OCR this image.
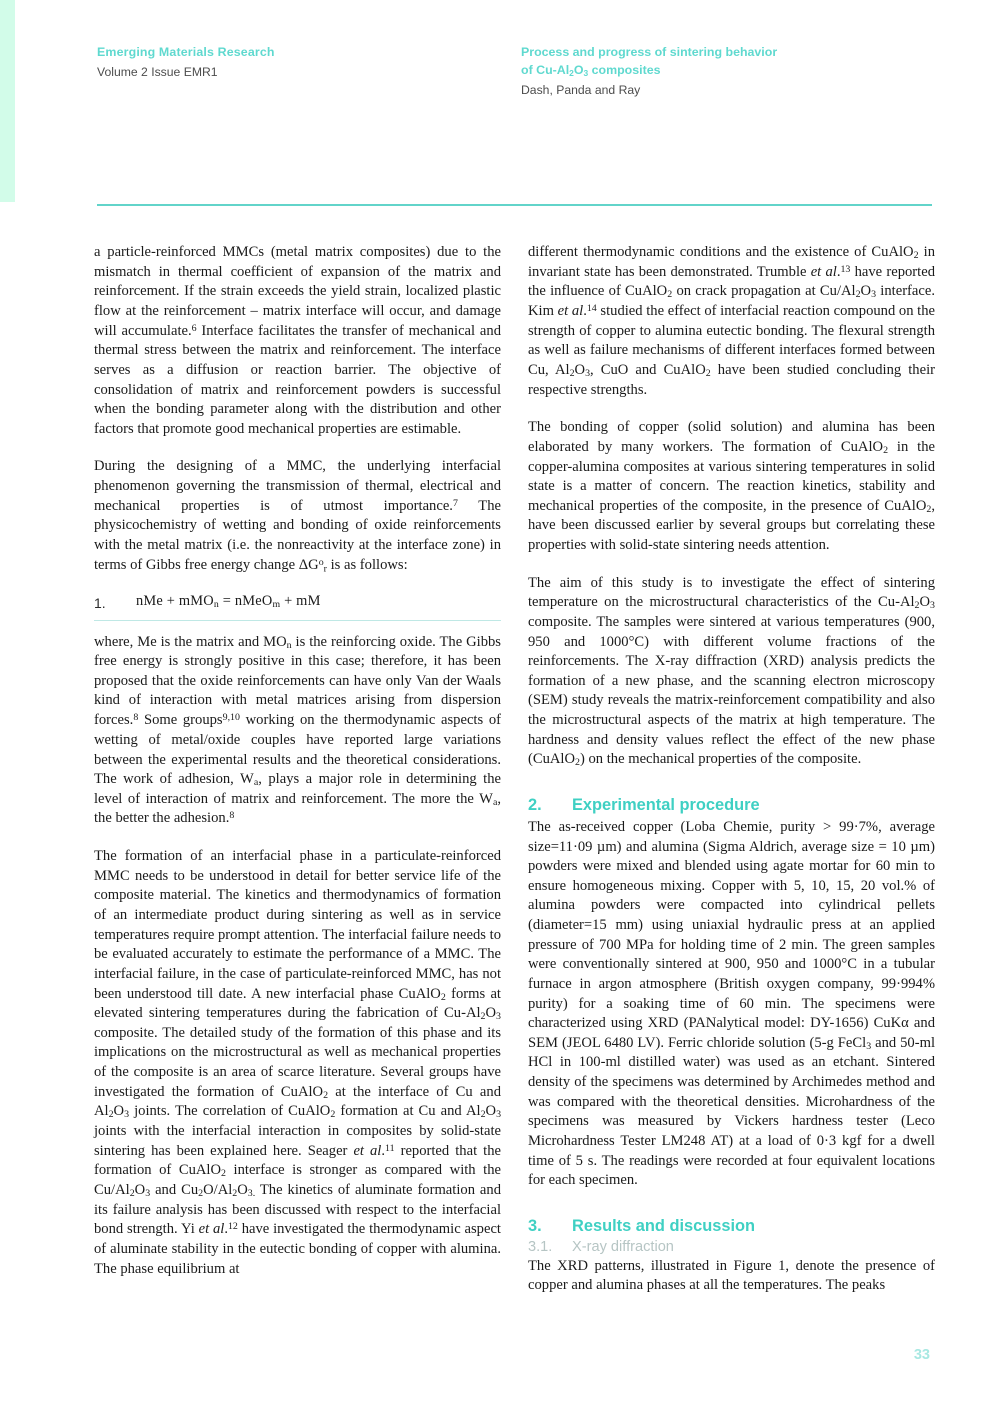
Emerging Materials Research
Volume 2 Issue EMR1
Process and progress of sintering behavior
of $Cu-Al_2O_3$ composites
Dash, Panda and Ray

a particle-reinforced MMCs (metal matrix composites) due to the mismatch in thermal coefficient of expansion of the matrix and reinforcement. If the strain exceeds the yield strain, localized plastic flow at the reinforcement – matrix interface will occur, and damage will accumulate.$^6$ Interface facilitates the transfer of mechanical and thermal stress between the matrix and reinforcement. The interface serves as a diffusion or reaction barrier. The objective of consolidation of matrix and reinforcement powders is successful when the bonding parameter along with the distribution and other factors that promote good mechanical properties are estimable.

During the designing of a MMC, the underlying interfacial phenomenon governing the transmission of thermal, electrical and mechanical properties is of utmost importance.$^7$ The physicochemistry of wetting and bonding of oxide reinforcements with the metal matrix (i.e. the nonreactivity at the interface zone) in terms of Gibbs free energy change $\Delta G^o_r$ is as follows:

1.	nMe + mMO$_n$ = nMeO$_m$ + mM

where, Me is the matrix and $MO_n$ is the reinforcing oxide. The Gibbs free energy is strongly positive in this case; therefore, it has been proposed that the oxide reinforcements can have only Van der Waals kind of interaction with metal matrices arising from dispersion forces.$^8$ Some groups$^{9,10}$ working on the thermodynamic aspects of wetting of metal/oxide couples have reported large variations between the experimental results and the theoretical considerations. The work of adhesion, $W_a$, plays a major role in determining the level of interaction of matrix and reinforcement. The more the $W_a$, the better the adhesion.$^8$

The formation of an interfacial phase in a particulate-reinforced MMC needs to be understood in detail for better service life of the composite material. The kinetics and thermodynamics of formation of an intermediate product during sintering as well as in service temperatures require prompt attention. The interfacial failure needs to be evaluated accurately to estimate the performance of a MMC. The interfacial failure, in the case of particulate-reinforced MMC, has not been understood till date. A new interfacial phase CuAlO$_2$ forms at elevated sintering temperatures during the fabrication of $Cu-Al_2O_3$ composite. The detailed study of the formation of this phase and its implications on the microstructural as well as mechanical properties of the composite is an area of scarce literature. Several groups have investigated the formation of CuAlO$_2$ at the interface of Cu and $Al_2O_3$ joints. The correlation of CuAlO$_2$ formation at Cu and $Al_2O_3$ joints with the interfacial interaction in composites by solid-state sintering has been explained here. Seager et al.$^{11}$ reported that the formation of CuAlO$_2$ interface is stronger as compared with the $Cu/Al_2O_3$ and $Cu_2O/Al_2O_{3.}$ The kinetics of aluminate formation and its failure analysis has been discussed with respect to the interfacial bond strength. Yi et al.$^{12}$ have investigated the thermodynamic aspect of aluminate stability in the eutectic bonding of copper with alumina. The phase equilibrium at

different thermodynamic conditions and the existence of CuAlO$_2$ in invariant state has been demonstrated. Trumble et al.$^{13}$ have reported the influence of CuAlO$_2$ on crack propagation at $Cu/Al_2O_3$ interface. Kim et al.$^{14}$ studied the effect of interfacial reaction compound on the strength of copper to alumina eutectic bonding. The flexural strength as well as failure mechanisms of different interfaces formed between Cu, $Al_2O_3$, CuO and CuAlO$_2$ have been studied concluding their respective strengths.

The bonding of copper (solid solution) and alumina has been elaborated by many workers. The formation of CuAlO$_2$ in the copper-alumina composites at various sintering temperatures in solid state is a matter of concern. The reaction kinetics, stability and mechanical properties of the composite, in the presence of CuAlO$_2$, have been discussed earlier by several groups but correlating these properties with solid-state sintering needs attention.

The aim of this study is to investigate the effect of sintering temperature on the microstructural characteristics of the $Cu-Al_2O_3$ composite. The samples were sintered at various temperatures (900, 950 and 1000°C) with different volume fractions of the reinforcements. The X-ray diffraction (XRD) analysis predicts the formation of a new phase, and the scanning electron microscopy (SEM) study reveals the matrix-reinforcement compatibility and also the microstructural aspects of the matrix at high temperature. The hardness and density values reflect the effect of the new phase (CuAlO$_2$) on the mechanical properties of the composite.

2.	Experimental procedure

The as-received copper (Loba Chemie, purity > 99·7%, average size=11·09 µm) and alumina (Sigma Aldrich, average size = 10 µm) powders were mixed and blended using agate mortar for 60 min to ensure homogeneous mixing. Copper with 5, 10, 15, 20 vol.% of alumina powders were compacted into cylindrical pellets (diameter=15 mm) using uniaxial hydraulic press at an applied pressure of 700 MPa for holding time of 2 min. The green samples were conventionally sintered at 900, 950 and 1000°C in a tubular furnace in argon atmosphere (British oxygen company, 99·994% purity) for a soaking time of 60 min. The specimens were characterized using XRD (PANalytical model: DY-1656) CuKα and SEM (JEOL 6480 LV). Ferric chloride solution (5-g FeCl$_3$ and 50-ml HCl in 100-ml distilled water) was used as an etchant. Sintered density of the specimens was determined by Archimedes method and was compared with the theoretical densities. Microhardness of the specimens was measured by Vickers hardness tester (Leco Microhardness Tester LM248 AT) at a load of 0·3 kgf for a dwell time of 5 s. The readings were recorded at four equivalent locations for each specimen.

3.	Results and discussion
3.1.	X-ray diffraction

The XRD patterns, illustrated in Figure 1, denote the presence of copper and alumina phases at all the temperatures. The peaks

33
